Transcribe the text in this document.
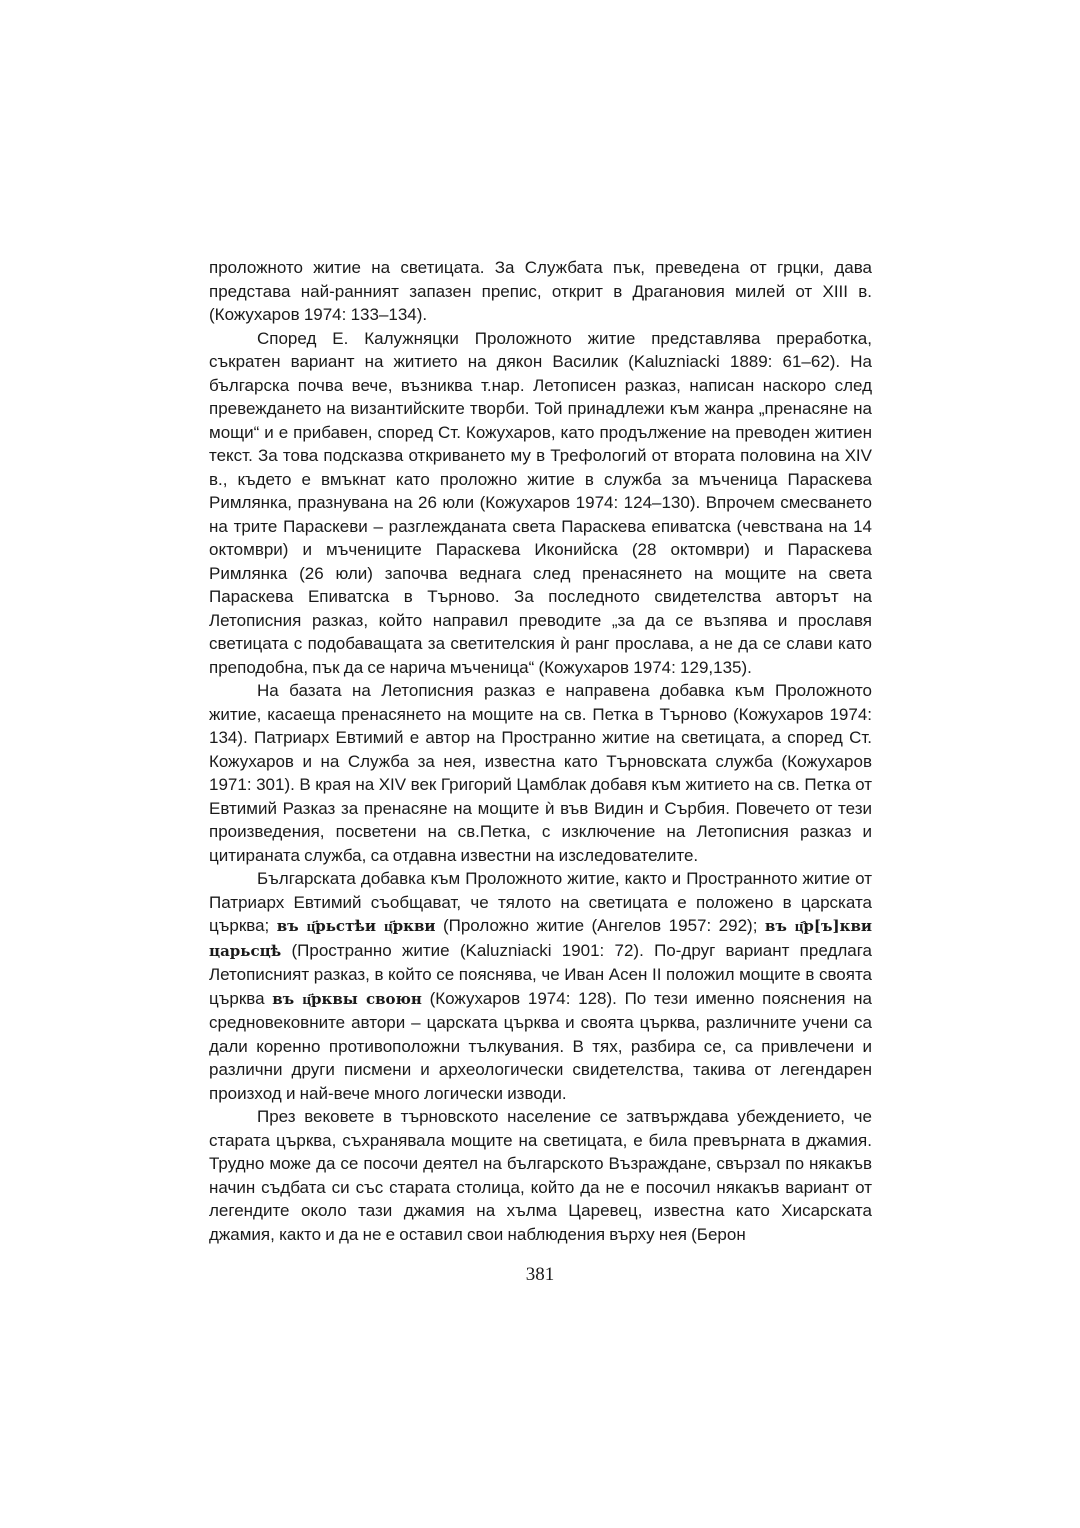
проложното житие на светицата. За Службата пък, преведена от грцки, дава представа най-ранният запазен препис, открит в Драгановия милей от XIII в. (Кожухаров 1974: 133–134).

Според Е. Калужняцки Проложното житие представлява преработка, съкратен вариант на житието на дякон Василик (Kaluzniacki 1889: 61–62). На българска почва вече, възниква т.нар. Летописен разказ, написан наскоро след превеждането на византийските творби. Той принадлежи към жанра „пренасяне на мощи“ и е прибавен, според Ст. Кожухаров, като продължение на преводен житиен текст. За това подсказва откриването му в Трефологий от втората половина на XIV в., където е вмъкнат като проложно житие в служба за мъченица Параскева Римлянка, празнувана на 26 юли (Кожухаров 1974: 124–130). Впрочем смесването на трите Параскеви – разглежданата света Параскева епиватска (чевствана на 14 октомври) и мъчениците Параскева Иконийска (28 октомври) и Параскева Римлянка (26 юли) започва веднага след пренасянето на мощите на света Параскева Епиватска в Търново. За последното свидетелства авторът на Летописния разказ, който направил преводите „за да се възпява и прославя светицата с подобаващата за светителския ѝ ранг прослава, а не да се слави като преподобна, пък да се нарича мъченица“ (Кожухаров 1974: 129,135).

На базата на Летописния разказ е направена добавка към Проложното житие, касаеща пренасянето на мощите на св. Петка в Търново (Кожухаров 1974: 134). Патриарх Евтимий е автор на Пространно житие на светицата, а според Ст. Кожухаров и на Служба за нея, известна като Търновската служба (Кожухаров 1971: 301). В края на XIV век Григорий Цамблак добавя към житието на св. Петка от Евтимий Разказ за пренасяне на мощите ѝ във Видин и Сърбия. Повечето от тези произведения, посветени на св.Петка, с изключение на Летописния разказ и цитираната служба, са отдавна известни на изследователите.

Българската добавка към Проложното житие, както и Пространното житие от Патриарх Евтимий съобщават, че тялото на светицата е положено в царската църква; въ ц҃рьстѣи ц҃ркви (Проложно житие (Ангелов 1957: 292); въ ц҄р[ъ]кви царьсцѣ (Пространно житие (Kaluzniacki 1901: 72). По-друг вариант предлага Летописният разказ, в който се пояснява, че Иван Асен II положил мощите в своята църква въ ц҃рквы своюн (Кожухаров 1974: 128). По тези именно пояснения на средновековните автори – царската църква и своята църква, различните учени са дали коренно противоположни тълкувания. В тях, разбира се, са привлечени и различни други писмени и археологически свидетелства, такива от легендарен произход и най-вече много логически изводи.

През вековете в търновското население се затвърждава убеждението, че старата църква, съхранявала мощите на светицата, е била превърната в джамия. Трудно може да се посочи деятел на българското Възраждане, свързал по някакъв начин съдбата си със старата столица, който да не е посочил някакъв вариант от легендите около тази джамия на хълма Царевец, известна като Хисарската джамия, както и да не е оставил свои наблюдения върху нея (Берон

381
